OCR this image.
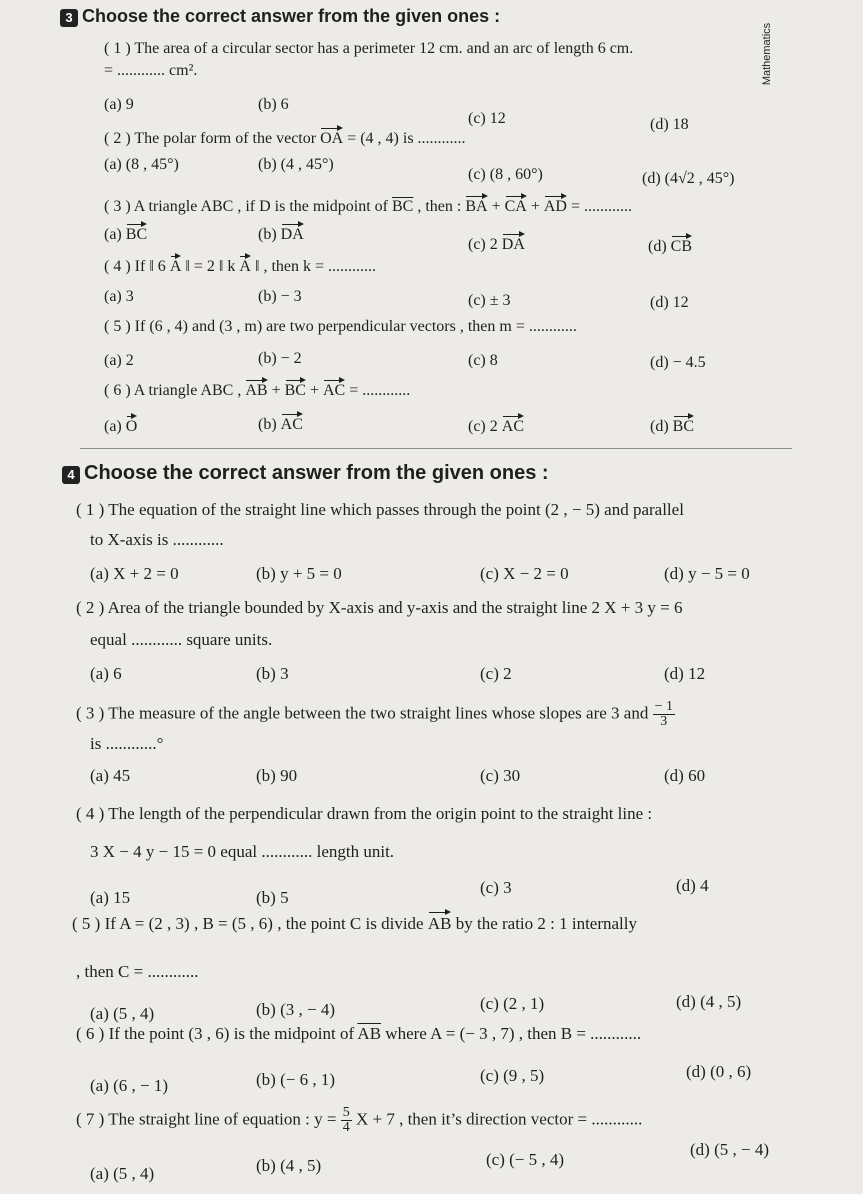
Mathematics
3 Choose the correct answer from the given ones :
( 1 ) The area of a circular sector has a perimeter 12 cm. and an arc of length 6 cm.
= ............ cm².
(a) 9	(b) 6
(c) 12	(d) 18
( 2 ) The polar form of the vector OA = (4 , 4) is ............
(a) (8 , 45°)	(b) (4 , 45°)
(c) (8 , 60°)	(d) (4√2 , 45°)
( 3 ) A triangle ABC , if D is the midpoint of $\overline{BC}$ , then : BA + CA + AD = ............
(a) BC	(b) DA
(c) 2 DA	(d) CB
( 4 ) If ‖ 6 A ‖ = 2 ‖ k A ‖ , then k = ............
(a) 3	(b) − 3	(c) ± 3	(d) 12
( 5 ) If (6 , 4) and (3 , m) are two perpendicular vectors , then m = ............
(a) 2	(b) − 2	(c) 8	(d) − 4.5
( 6 ) A triangle ABC , AB + BC + AC = ............
(a) O	(b) AC	(c) 2 AC	(d) BC
4 Choose the correct answer from the given ones :
( 1 ) The equation of the straight line which passes through the point (2 , − 5) and parallel
to X-axis is ............
(a) X + 2 = 0	(b) y + 5 = 0	(c) X − 2 = 0	(d) y − 5 = 0
( 2 ) Area of the triangle bounded by X-axis and y-axis and the straight line 2 X + 3 y = 6
equal ............ square units.
(a) 6	(b) 3	(c) 2	(d) 12
( 3 ) The measure of the angle between the two straight lines whose slopes are 3 and $\frac{- 1}{3}$
is ............°
(a) 45	(b) 90	(c) 30	(d) 60
( 4 ) The length of the perpendicular drawn from the origin point to the straight line :
3 X − 4 y − 15 = 0 equal ............ length unit.
(a) 15	(b) 5
(c) 3	(d) 4
( 5 ) If A = (2 , 3) , B = (5 , 6) , the point C is divide AB by the ratio 2 : 1 internally
, then C = ............
(a) (5 , 4)	(b) (3 , − 4)	(c) (2 , 1)	(d) (4 , 5)
( 6 ) If the point (3 , 6) is the midpoint of $\overline{AB}$ where A = (− 3 , 7) , then B = ............
(a) (6 , − 1)	(b) (− 6 , 1)	(c) (9 , 5)	(d) (0 , 6)
( 7 ) The straight line of equation : $y = \frac{5}{4}$ X + 7 , then it’s direction vector = ............
(a) (5 , 4)	(b) (4 , 5)	(c) (− 5 , 4)
(d) (5 , − 4)
